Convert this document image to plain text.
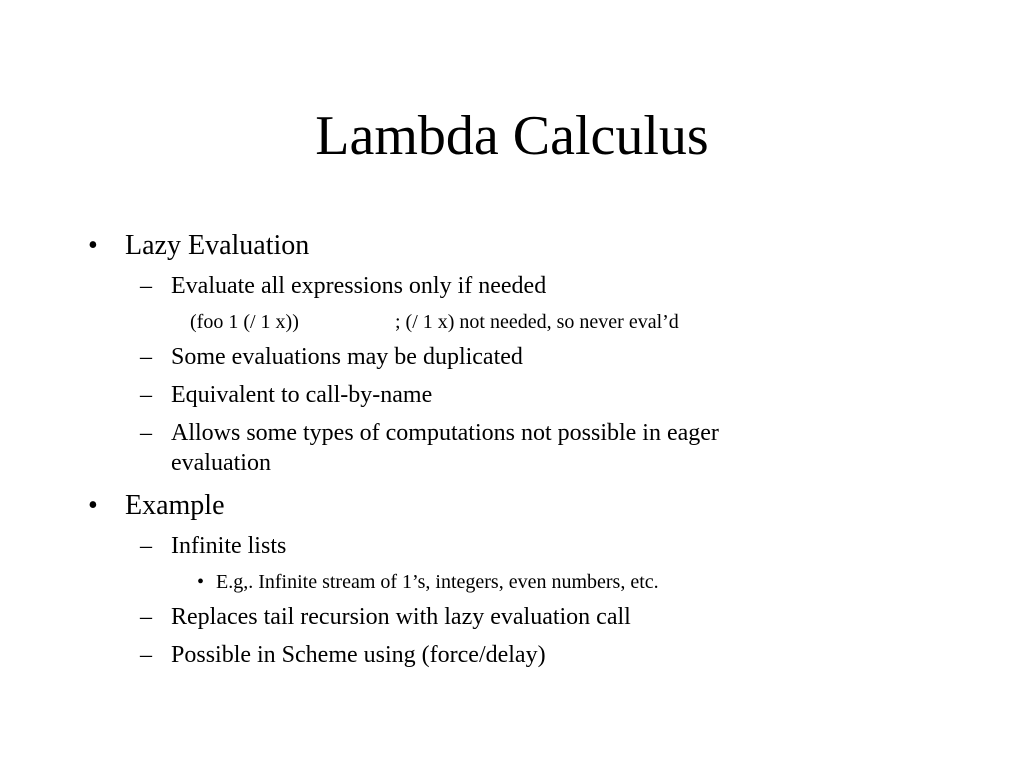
Lambda Calculus
• Lazy Evaluation
– Evaluate all expressions only if needed
(foo 1 (/ 1 x))	; (/ 1 x) not needed, so never eval’d
– Some evaluations may be duplicated
– Equivalent to call-by-name
– Allows some types of computations not possible in eager
evaluation
• Example
– Infinite lists
• E.g,. Infinite stream of 1’s, integers, even numbers, etc.
– Replaces tail recursion with lazy evaluation call
– Possible in Scheme using (force/delay)
